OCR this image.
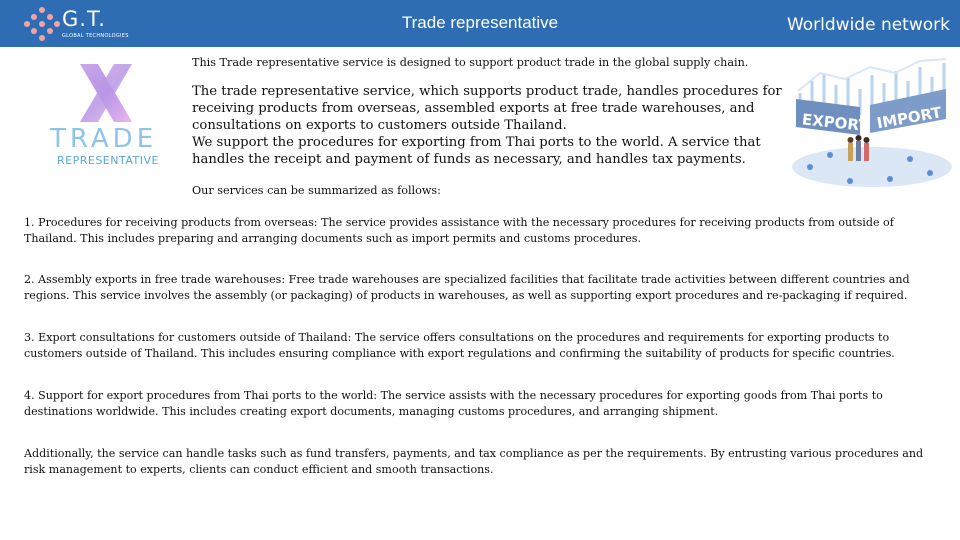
G.T.
GLOBAL TECHNOLOGIES
Trade representative	Worldwide network
TRADE
REPRESENTATIVE
This Trade representative service is designed to support product trade in the global supply chain.

The trade representative service, which supports product trade, handles procedures for receiving products from overseas, assembled exports at free trade warehouses, and consultations on exports to customers outside Thailand.

We support the procedures for exporting from Thai ports to the world. A service that handles the receipt and payment of funds as necessary, and handles tax payments.

Our services can be summarized as follows:
1. Procedures for receiving products from overseas: The service provides assistance with the necessary procedures for receiving products from outside of Thailand. This includes preparing and arranging documents such as import permits and customs procedures.
2. Assembly exports in free trade warehouses: Free trade warehouses are specialized facilities that facilitate trade activities between different countries and regions. This service involves the assembly (or packaging) of products in warehouses, as well as supporting export procedures and re-packaging if required.
3. Export consultations for customers outside of Thailand: The service offers consultations on the procedures and requirements for exporting products to customers outside of Thailand. This includes ensuring compliance with export regulations and confirming the suitability of products for specific countries.
4. Support for export procedures from Thai ports to the world: The service assists with the necessary procedures for exporting goods from Thai ports to destinations worldwide. This includes creating export documents, managing customs procedures, and arranging shipment.
Additionally, the service can handle tasks such as fund transfers, payments, and tax compliance as per the requirements. By entrusting various procedures and risk management to experts, clients can conduct efficient and smooth transactions.
EXPORT IMPORT
